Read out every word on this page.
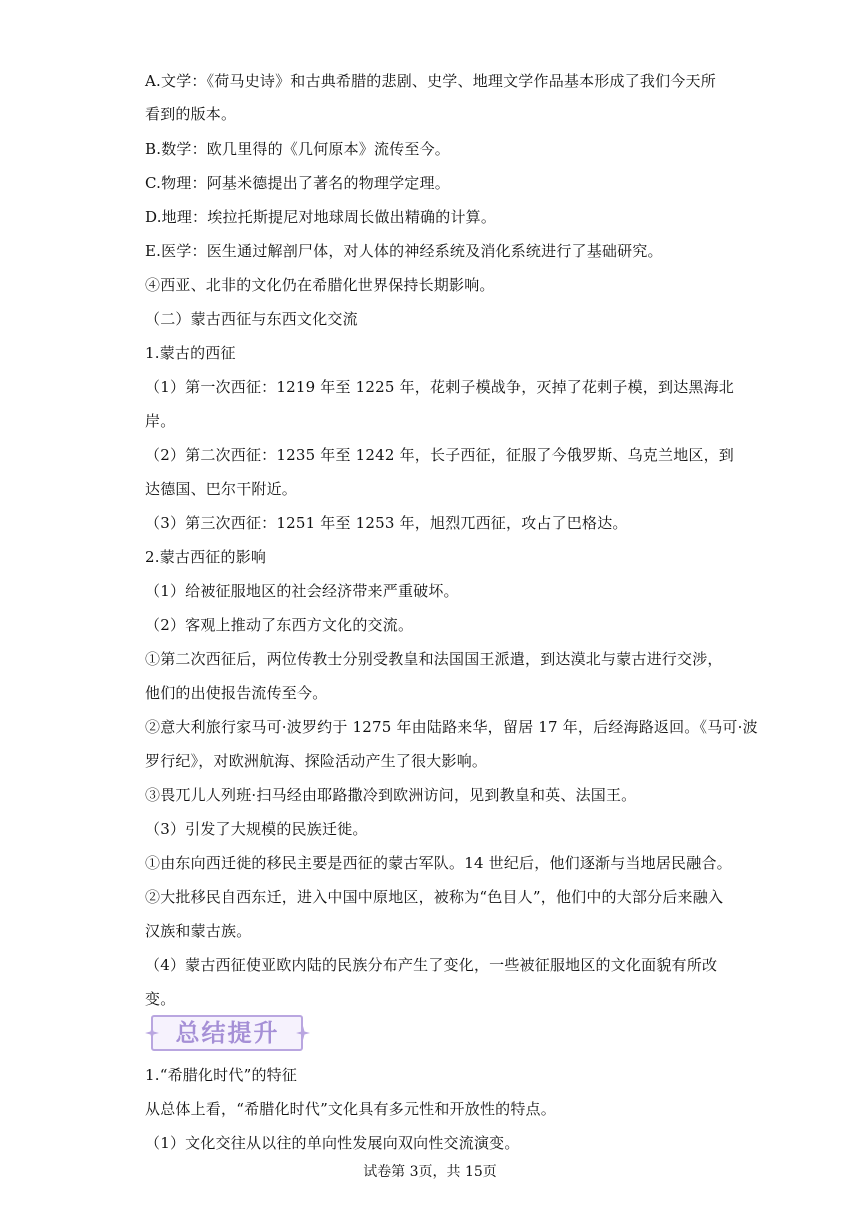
A.文学：《荷马史诗》和古典希腊的悲剧、史学、地理文学作品基本形成了我们今天所
看到的版本。
B.数学：欧几里得的《几何原本》流传至今。
C.物理：阿基米德提出了著名的物理学定理。
D.地理：埃拉托斯提尼对地球周长做出精确的计算。
E.医学：医生通过解剖尸体，对人体的神经系统及消化系统进行了基础研究。
④西亚、北非的文化仍在希腊化世界保持长期影响。
（二）蒙古西征与东西文化交流
1.蒙古的西征
（1）第一次西征：1219 年至 1225 年，花剌子模战争，灭掉了花剌子模，到达黑海北
岸。
（2）第二次西征：1235 年至 1242 年，长子西征，征服了今俄罗斯、乌克兰地区，到
达德国、巴尔干附近。
（3）第三次西征：1251 年至 1253 年，旭烈兀西征，攻占了巴格达。
2.蒙古西征的影响
（1）给被征服地区的社会经济带来严重破坏。
（2）客观上推动了东西方文化的交流。
①第二次西征后，两位传教士分别受教皇和法国国王派遣，到达漠北与蒙古进行交涉，
他们的出使报告流传至今。
②意大利旅行家马可·波罗约于 1275 年由陆路来华，留居 17 年，后经海路返回。《马可·波
罗行纪》，对欧洲航海、探险活动产生了很大影响。
③畏兀儿人列班·扫马经由耶路撒冷到欧洲访问，见到教皇和英、法国王。
（3）引发了大规模的民族迁徙。
①由东向西迁徙的移民主要是西征的蒙古军队。14 世纪后，他们逐渐与当地居民融合。
②大批移民自西东迁，进入中国中原地区，被称为“色目人”，他们中的大部分后来融入
汉族和蒙古族。
（4）蒙古西征使亚欧内陆的民族分布产生了变化，一些被征服地区的文化面貌有所改
变。
总结提升
1.“希腊化时代”的特征
从总体上看，“希腊化时代”文化具有多元性和开放性的特点。
（1）文化交往从以往的单向性发展向双向性交流演变。
试卷第 3页，共 15页
